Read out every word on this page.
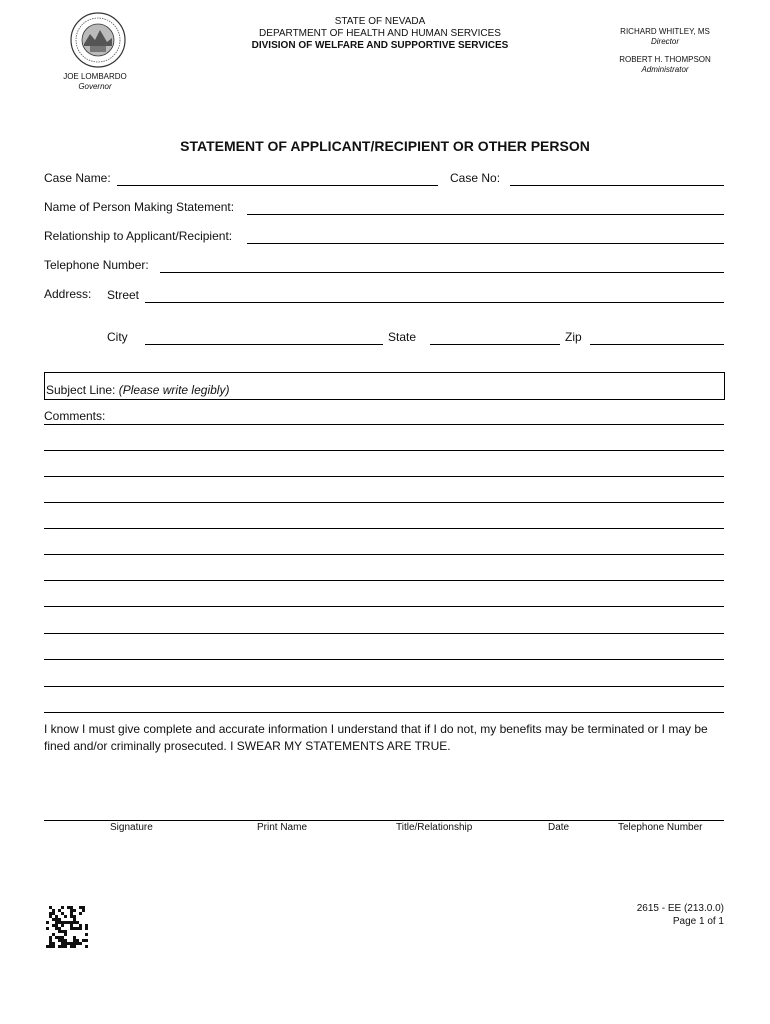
JOE LOMBARDO
Governor
STATE OF NEVADA
DEPARTMENT OF HEALTH AND HUMAN SERVICES
DIVISION OF WELFARE AND SUPPORTIVE SERVICES
RICHARD WHITLEY, MS
Director
ROBERT H. THOMPSON
Administrator
STATEMENT OF APPLICANT/RECIPIENT OR OTHER PERSON
Case Name:	Case No:
Name of Person Making Statement:
Relationship to Applicant/Recipient:
Telephone Number:
Address: Street
City	State	Zip
Subject Line: (Please write legibly)
Comments:
I know I must give complete and accurate information I understand that if I do not, my benefits may be terminated or I may be fined and/or criminally prosecuted. I SWEAR MY STATEMENTS ARE TRUE.
Signature	Print Name	Title/Relationship	Date	Telephone Number
2615 - EE (213.0.0)
Page 1 of 1
